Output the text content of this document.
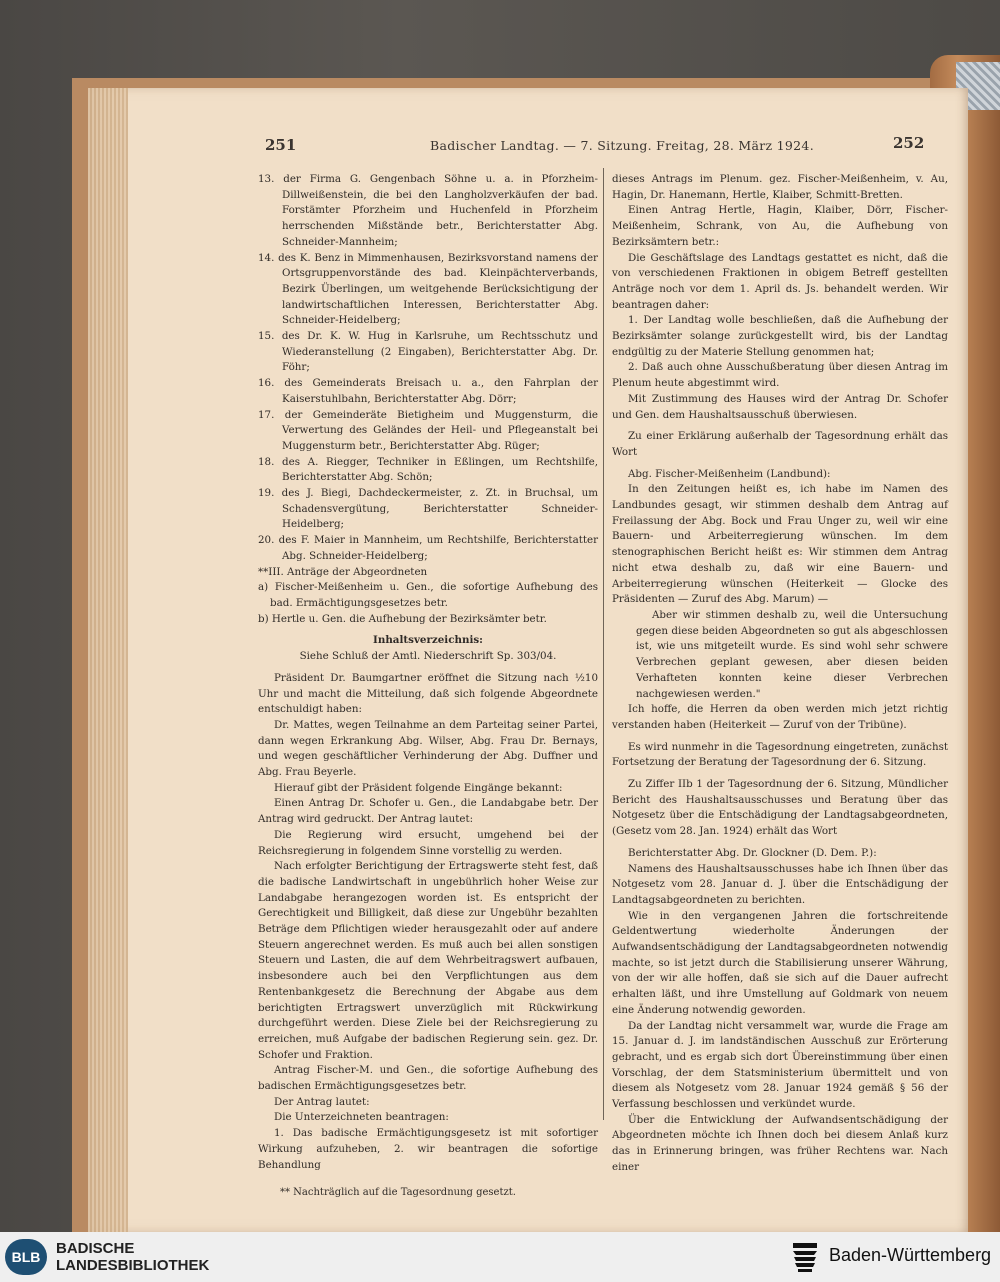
251	Badischer Landtag. — 7. Sitzung. Freitag, 28. März 1924.	252

13. der Firma G. Gengenbach Söhne u. a. in Pforzheim-Dillweißenstein, die bei den Langholzverkäufen der bad. Forstämter Pforzheim und Huchenfeld in Pforzheim herrschenden Mißstände betr., Berichterstatter Abg. Schneider-Mannheim;

14. des K. Benz in Mimmenhausen, Bezirksvorstand namens der Ortsgruppenvorstände des bad. Kleinpächterverbands, Bezirk Überlingen, um weitgehende Berücksichtigung der landwirtschaftlichen Interessen, Berichterstatter Abg. Schneider-Heidelberg;

15. des Dr. K. W. Hug in Karlsruhe, um Rechtsschutz und Wiederanstellung (2 Eingaben), Berichterstatter Abg. Dr. Föhr;

16. des Gemeinderats Breisach u. a., den Fahrplan der Kaiserstuhlbahn, Berichterstatter Abg. Dörr;

17. der Gemeinderäte Bietigheim und Muggensturm, die Verwertung des Geländes der Heil- und Pflegeanstalt bei Muggensturm betr., Berichterstatter Abg. Rüger;

18. des A. Riegger, Techniker in Eßlingen, um Rechtshilfe, Berichterstatter Abg. Schön;

19. des J. Biegi, Dachdeckermeister, z. Zt. in Bruchsal, um Schadensvergütung, Berichterstatter Schneider-Heidelberg;

20. des F. Maier in Mannheim, um Rechtshilfe, Berichterstatter Abg. Schneider-Heidelberg;

**III. Anträge der Abgeordneten

a) Fischer-Meißenheim u. Gen., die sofortige Aufhebung des bad. Ermächtigungsgesetzes betr.

b) Hertle u. Gen. die Aufhebung der Bezirksämter betr.

Inhaltsverzeichnis:

Siehe Schluß der Amtl. Niederschrift Sp. 303/04.

Präsident Dr. Baumgartner eröffnet die Sitzung nach ½10 Uhr und macht die Mitteilung, daß sich folgende Abgeordnete entschuldigt haben:

Dr. Mattes, wegen Teilnahme an dem Parteitag seiner Partei, dann wegen Erkrankung Abg. Wilser, Abg. Frau Dr. Bernays, und wegen geschäftlicher Verhinderung der Abg. Duffner und Abg. Frau Beyerle.

Hierauf gibt der Präsident folgende Eingänge bekannt:

Einen Antrag Dr. Schofer u. Gen., die Landabgabe betr. Der Antrag wird gedruckt. Der Antrag lautet:

Die Regierung wird ersucht, umgehend bei der Reichsregierung in folgendem Sinne vorstellig zu werden.

Nach erfolgter Berichtigung der Ertragswerte steht fest, daß die badische Landwirtschaft in ungebührlich hoher Weise zur Landabgabe herangezogen worden ist. Es entspricht der Gerechtigkeit und Billigkeit, daß diese zur Ungebühr bezahlten Beträge dem Pflichtigen wieder herausgezahlt oder auf andere Steuern angerechnet werden. Es muß auch bei allen sonstigen Steuern und Lasten, die auf dem Wehrbeitragswert aufbauen, insbesondere auch bei den Verpflichtungen aus dem Rentenbankgesetz die Berechnung der Abgabe aus dem berichtigten Ertragswert unverzüglich mit Rückwirkung durchgeführt werden. Diese Ziele bei der Reichsregierung zu erreichen, muß Aufgabe der badischen Regierung sein. gez. Dr. Schofer und Fraktion.

Antrag Fischer-M. und Gen., die sofortige Aufhebung des badischen Ermächtigungsgesetzes betr.

Der Antrag lautet:

Die Unterzeichneten beantragen:

1. Das badische Ermächtigungsgesetz ist mit sofortiger Wirkung aufzuheben, 2. wir beantragen die sofortige Behandlung

** Nachträglich auf die Tagesordnung gesetzt.

dieses Antrags im Plenum. gez. Fischer-Meißenheim, v. Au, Hagin, Dr. Hanemann, Hertle, Klaiber, Schmitt-Bretten.

Einen Antrag Hertle, Hagin, Klaiber, Dörr, Fischer-Meißenheim, Schrank, von Au, die Aufhebung von Bezirksämtern betr.:

Die Geschäftslage des Landtags gestattet es nicht, daß die von verschiedenen Fraktionen in obigem Betreff gestellten Anträge noch vor dem 1. April ds. Js. behandelt werden. Wir beantragen daher:

1. Der Landtag wolle beschließen, daß die Aufhebung der Bezirksämter solange zurückgestellt wird, bis der Landtag endgültig zu der Materie Stellung genommen hat;

2. Daß auch ohne Ausschußberatung über diesen Antrag im Plenum heute abgestimmt wird.

Mit Zustimmung des Hauses wird der Antrag Dr. Schofer und Gen. dem Haushaltsausschuß überwiesen.

Zu einer Erklärung außerhalb der Tagesordnung erhält das Wort

Abg. Fischer-Meißenheim (Landbund):

In den Zeitungen heißt es, ich habe im Namen des Landbundes gesagt, wir stimmen deshalb dem Antrag auf Freilassung der Abg. Bock und Frau Unger zu, weil wir eine Bauern- und Arbeiterregierung wünschen. Im dem stenographischen Bericht heißt es: Wir stimmen dem Antrag nicht etwa deshalb zu, daß wir eine Bauern- und Arbeiterregierung wünschen (Heiterkeit — Glocke des Präsidenten — Zuruf des Abg. Marum) —

Aber wir stimmen deshalb zu, weil die Untersuchung gegen diese beiden Abgeordneten so gut als abgeschlossen ist, wie uns mitgeteilt wurde. Es sind wohl sehr schwere Verbrechen geplant gewesen, aber diesen beiden Verhafteten konnten keine dieser Verbrechen nachgewiesen werden."

Ich hoffe, die Herren da oben werden mich jetzt richtig verstanden haben (Heiterkeit — Zuruf von der Tribüne).

Es wird nunmehr in die Tagesordnung eingetreten, zunächst Fortsetzung der Beratung der Tagesordnung der 6. Sitzung.

Zu Ziffer IIb 1 der Tagesordnung der 6. Sitzung, Mündlicher Bericht des Haushaltsausschusses und Beratung über das Notgesetz über die Entschädigung der Landtagsabgeordneten, (Gesetz vom 28. Jan. 1924) erhält das Wort

Berichterstatter Abg. Dr. Glockner (D. Dem. P.):

Namens des Haushaltsausschusses habe ich Ihnen über das Notgesetz vom 28. Januar d. J. über die Entschädigung der Landtagsabgeordneten zu berichten.

Wie in den vergangenen Jahren die fortschreitende Geldentwertung wiederholte Änderungen der Aufwandsentschädigung der Landtagsabgeordneten notwendig machte, so ist jetzt durch die Stabilisierung unserer Währung, von der wir alle hoffen, daß sie sich auf die Dauer aufrecht erhalten läßt, und ihre Umstellung auf Goldmark von neuem eine Änderung notwendig geworden.

Da der Landtag nicht versammelt war, wurde die Frage am 15. Januar d. J. im landständischen Ausschuß zur Erörterung gebracht, und es ergab sich dort Übereinstimmung über einen Vorschlag, der dem Statsministerium übermittelt und von diesem als Notgesetz vom 28. Januar 1924 gemäß § 56 der Verfassung beschlossen und verkündet wurde.

Über die Entwicklung der Aufwandsentschädigung der Abgeordneten möchte ich Ihnen doch bei diesem Anlaß kurz das in Erinnerung bringen, was früher Rechtens war. Nach einer

BLB	BADISCHE
LANDESBIBLIOTHEK
Baden-Württemberg
